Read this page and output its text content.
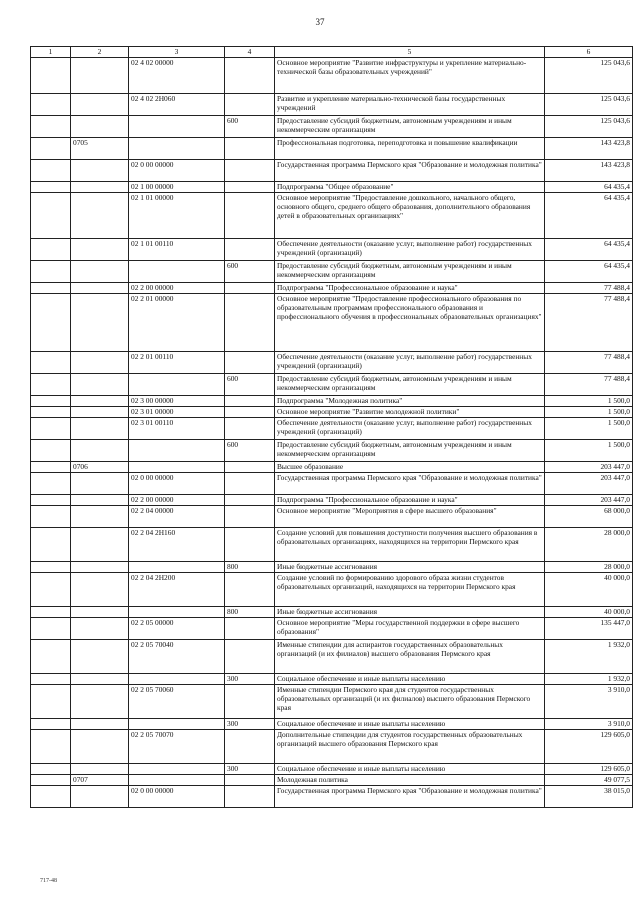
37
1	2	3	4	5	6
		02 4 02 00000		Основное мероприятие "Развитие инфраструктуры и укрепление материально-технической базы образовательных учреждений"	125 043,6
		02 4 02 2Н060		Развитие и укрепление материально-технической базы государственных учреждений	125 043,6
			600	Предоставление субсидий бюджетным, автономным учреждениям и иным некоммерческим организациям	125 043,6
	0705			Профессиональная подготовка, переподготовка и повышение квалификации	143 423,8
		02 0 00 00000		Государственная программа Пермского края "Образование и молодежная политика"	143 423,8
		02 1 00 00000		Подпрограмма "Общее образование"	64 435,4
		02 1 01 00000		Основное мероприятие "Предоставление дошкольного, начального общего, основного общего, среднего общего образования, дополнительного образования детей в образовательных организациях"	64 435,4
		02 1 01 00110		Обеспечение деятельности (оказание услуг, выполнение работ) государственных учреждений (организаций)	64 435,4
			600	Предоставление субсидий бюджетным, автономным учреждениям и иным некоммерческим организациям	64 435,4
		02 2 00 00000		Подпрограмма "Профессиональное образование и наука"	77 488,4
		02 2 01 00000		Основное мероприятие "Предоставление профессионального образования по образовательным программам профессионального образования и профессионального обучения в профессиональных образовательных организациях"	77 488,4
		02 2 01 00110		Обеспечение деятельности (оказание услуг, выполнение работ) государственных учреждений (организаций)	77 488,4
			600	Предоставление субсидий бюджетным, автономным учреждениям и иным некоммерческим организациям	77 488,4
		02 3 00 00000		Подпрограмма "Молодежная политика"	1 500,0
		02 3 01 00000		Основное мероприятие "Развитие молодежной политики"	1 500,0
		02 3 01 00110		Обеспечение деятельности (оказание услуг, выполнение работ) государственных учреждений (организаций)	1 500,0
			600	Предоставление субсидий бюджетным, автономным учреждениям и иным некоммерческим организациям	1 500,0
	0706			Высшее образование	203 447,0
		02 0 00 00000		Государственная программа Пермского края "Образование и молодежная политика"	203 447,0
		02 2 00 00000		Подпрограмма "Профессиональное образование и наука"	203 447,0
		02 2 04 00000		Основное мероприятие "Мероприятия в сфере высшего образования"	68 000,0
		02 2 04 2Н160		Создание условий для повышения доступности получения высшего образования в образовательных организациях, находящихся на территории Пермского края	28 000,0
			800	Иные бюджетные ассигнования	28 000,0
		02 2 04 2Н200		Создание условий по формированию здорового образа жизни студентов образовательных организаций, находящихся на территории Пермского края	40 000,0
			800	Иные бюджетные ассигнования	40 000,0
		02 2 05 00000		Основное мероприятие "Меры государственной поддержки в сфере высшего образования"	135 447,0
		02 2 05 70040		Именные стипендии для аспирантов государственных образовательных организаций (и их филиалов) высшего образования Пермского края	1 932,0
			300	Социальное обеспечение и иные выплаты населению	1 932,0
		02 2 05 70060		Именные стипендии Пермского края для студентов государственных образовательных организаций (и их филиалов) высшего образования Пермского края	3 910,0
			300	Социальное обеспечение и иные выплаты населению	3 910,0
		02 2 05 70070		Дополнительные стипендии для студентов государственных образовательных организаций высшего образования Пермского края	129 605,0
			300	Социальное обеспечение и иные выплаты населению	129 605,0
	0707			Молодежная политика	49 077,5
		02 0 00 00000		Государственная программа Пермского края "Образование и молодежная политика"	38 015,0
717-48
